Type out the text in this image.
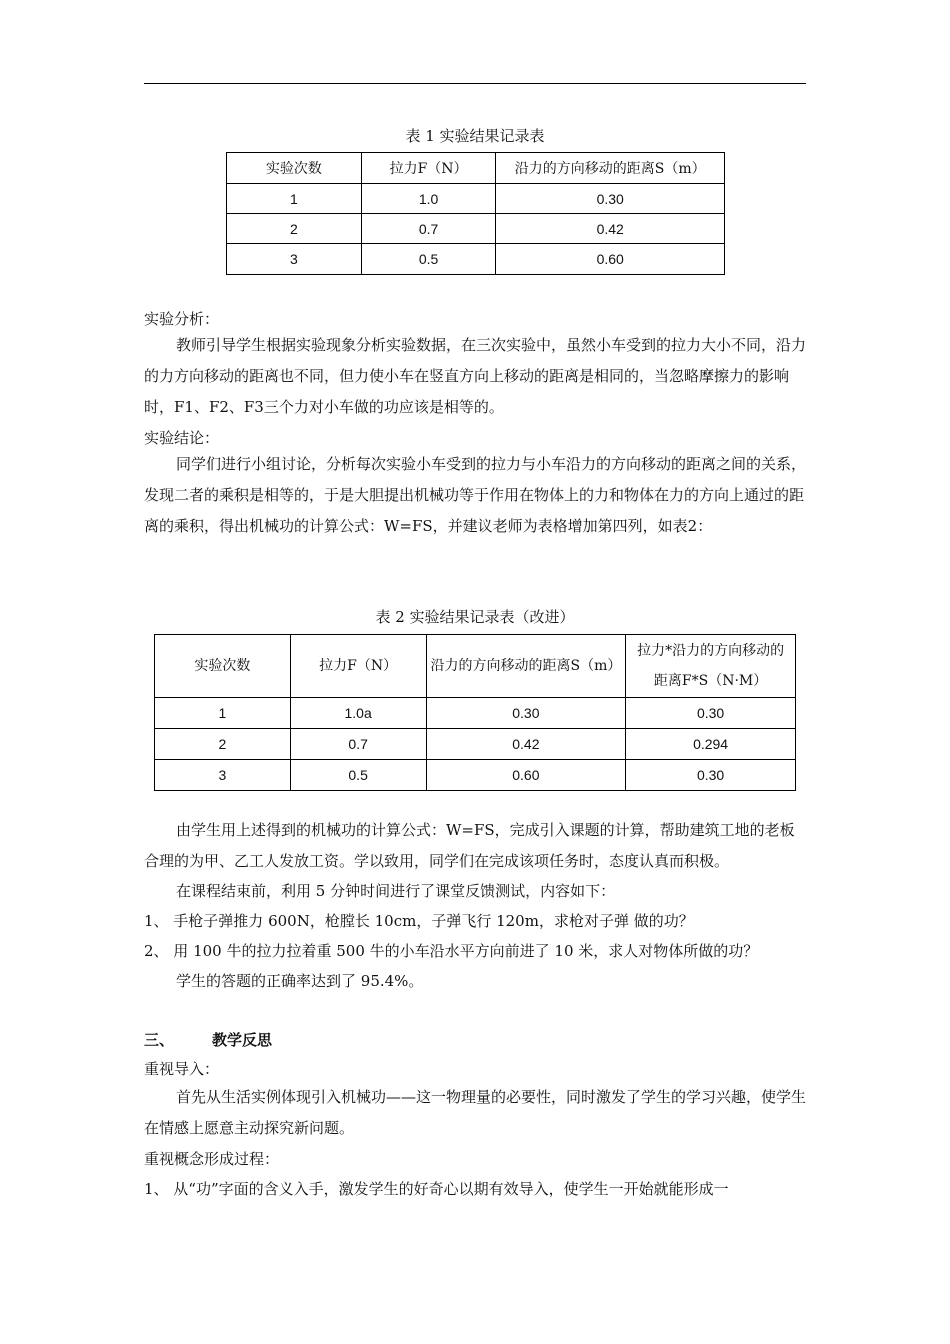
表 1 实验结果记录表
实验次数	拉力F（N）	沿力的方向移动的距离S（m）
1	1.0	0.30
2	0.7	0.42
3	0.5	0.60
实验分析：
教师引导学生根据实验现象分析实验数据，在三次实验中，虽然小车受到的拉力大小不同，沿力的力方向移动的距离也不同，但力使小车在竖直方向上移动的距离是相同的，当忽略摩擦力的影响时，F1、F2、F3三个力对小车做的功应该是相等的。
实验结论：
同学们进行小组讨论，分析每次实验小车受到的拉力与小车沿力的方向移动的距离之间的关系，发现二者的乘积是相等的，于是大胆提出机械功等于作用在物体上的力和物体在力的方向上通过的距离的乘积，得出机械功的计算公式：W=FS，并建议老师为表格增加第四列，如表2：
表 2 实验结果记录表（改进）
实验次数	拉力F（N）	沿力的方向移动的距离S（m）	拉力*沿力的方向移动的距离F*S（N·M）
1	1.0a	0.30	0.30
2	0.7	0.42	0.294
3	0.5	0.60	0.30
由学生用上述得到的机械功的计算公式：W=FS，完成引入课题的计算，帮助建筑工地的老板合理的为甲、乙工人发放工资。学以致用，同学们在完成该项任务时，态度认真而积极。
在课程结束前，利用 5 分钟时间进行了课堂反馈测试，内容如下：
1、 手枪子弹推力 600N，枪膛长 10cm，子弹飞行 120m，求枪对子弹 做的功？
2、 用 100 牛的拉力拉着重 500 牛的小车沿水平方向前进了 10 米，求人对物体所做的功？
学生的答题的正确率达到了 95.4%。
三、	教学反思
重视导入：
首先从生活实例体现引入机械功——这一物理量的必要性，同时激发了学生的学习兴趣，使学生在情感上愿意主动探究新问题。
重视概念形成过程：
1、 从“功”字面的含义入手，激发学生的好奇心以期有效导入，使学生一开始就能形成一
